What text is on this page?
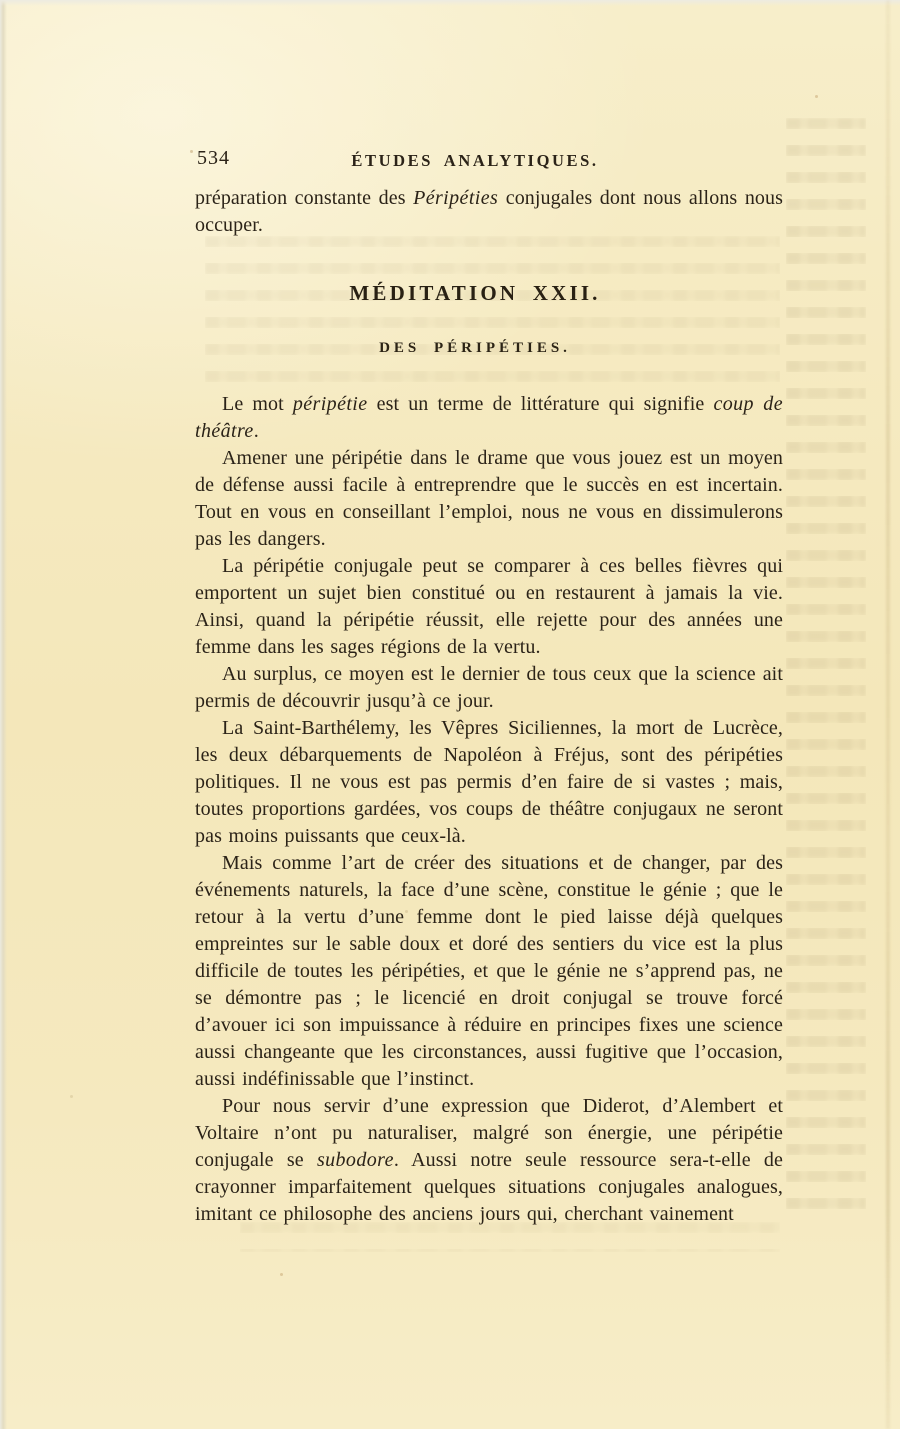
534	ÉTUDES ANALYTIQUES.

préparation constante des Péripéties conjugales dont nous allons nous occuper.

MÉDITATION XXII.
DES PÉRIPÉTIES.

Le mot péripétie est un terme de littérature qui signifie coup de théâtre.

Amener une péripétie dans le drame que vous jouez est un moyen de défense aussi facile à entreprendre que le succès en est incertain. Tout en vous en conseillant l’emploi, nous ne vous en dissimulerons pas les dangers.

La péripétie conjugale peut se comparer à ces belles fièvres qui emportent un sujet bien constitué ou en restaurent à jamais la vie. Ainsi, quand la péripétie réussit, elle rejette pour des années une femme dans les sages régions de la vertu.

Au surplus, ce moyen est le dernier de tous ceux que la science ait permis de découvrir jusqu’à ce jour.

La Saint-Barthélemy, les Vêpres Siciliennes, la mort de Lucrèce, les deux débarquements de Napoléon à Fréjus, sont des péripéties politiques. Il ne vous est pas permis d’en faire de si vastes ; mais, toutes proportions gardées, vos coups de théâtre conjugaux ne seront pas moins puissants que ceux-là.

Mais comme l’art de créer des situations et de changer, par des événements naturels, la face d’une scène, constitue le génie ; que le retour à la vertu d’une femme dont le pied laisse déjà quelques empreintes sur le sable doux et doré des sentiers du vice est la plus difficile de toutes les péripéties, et que le génie ne s’apprend pas, ne se démontre pas ; le licencié en droit conjugal se trouve forcé d’avouer ici son impuissance à réduire en principes fixes une science aussi changeante que les circonstances, aussi fugitive que l’occasion, aussi indéfinissable que l’instinct.

Pour nous servir d’une expression que Diderot, d’Alembert et Voltaire n’ont pu naturaliser, malgré son énergie, une péripétie conjugale se subodore. Aussi notre seule ressource sera-t-elle de crayonner imparfaitement quelques situations conjugales analogues, imitant ce philosophe des anciens jours qui, cherchant vainement
